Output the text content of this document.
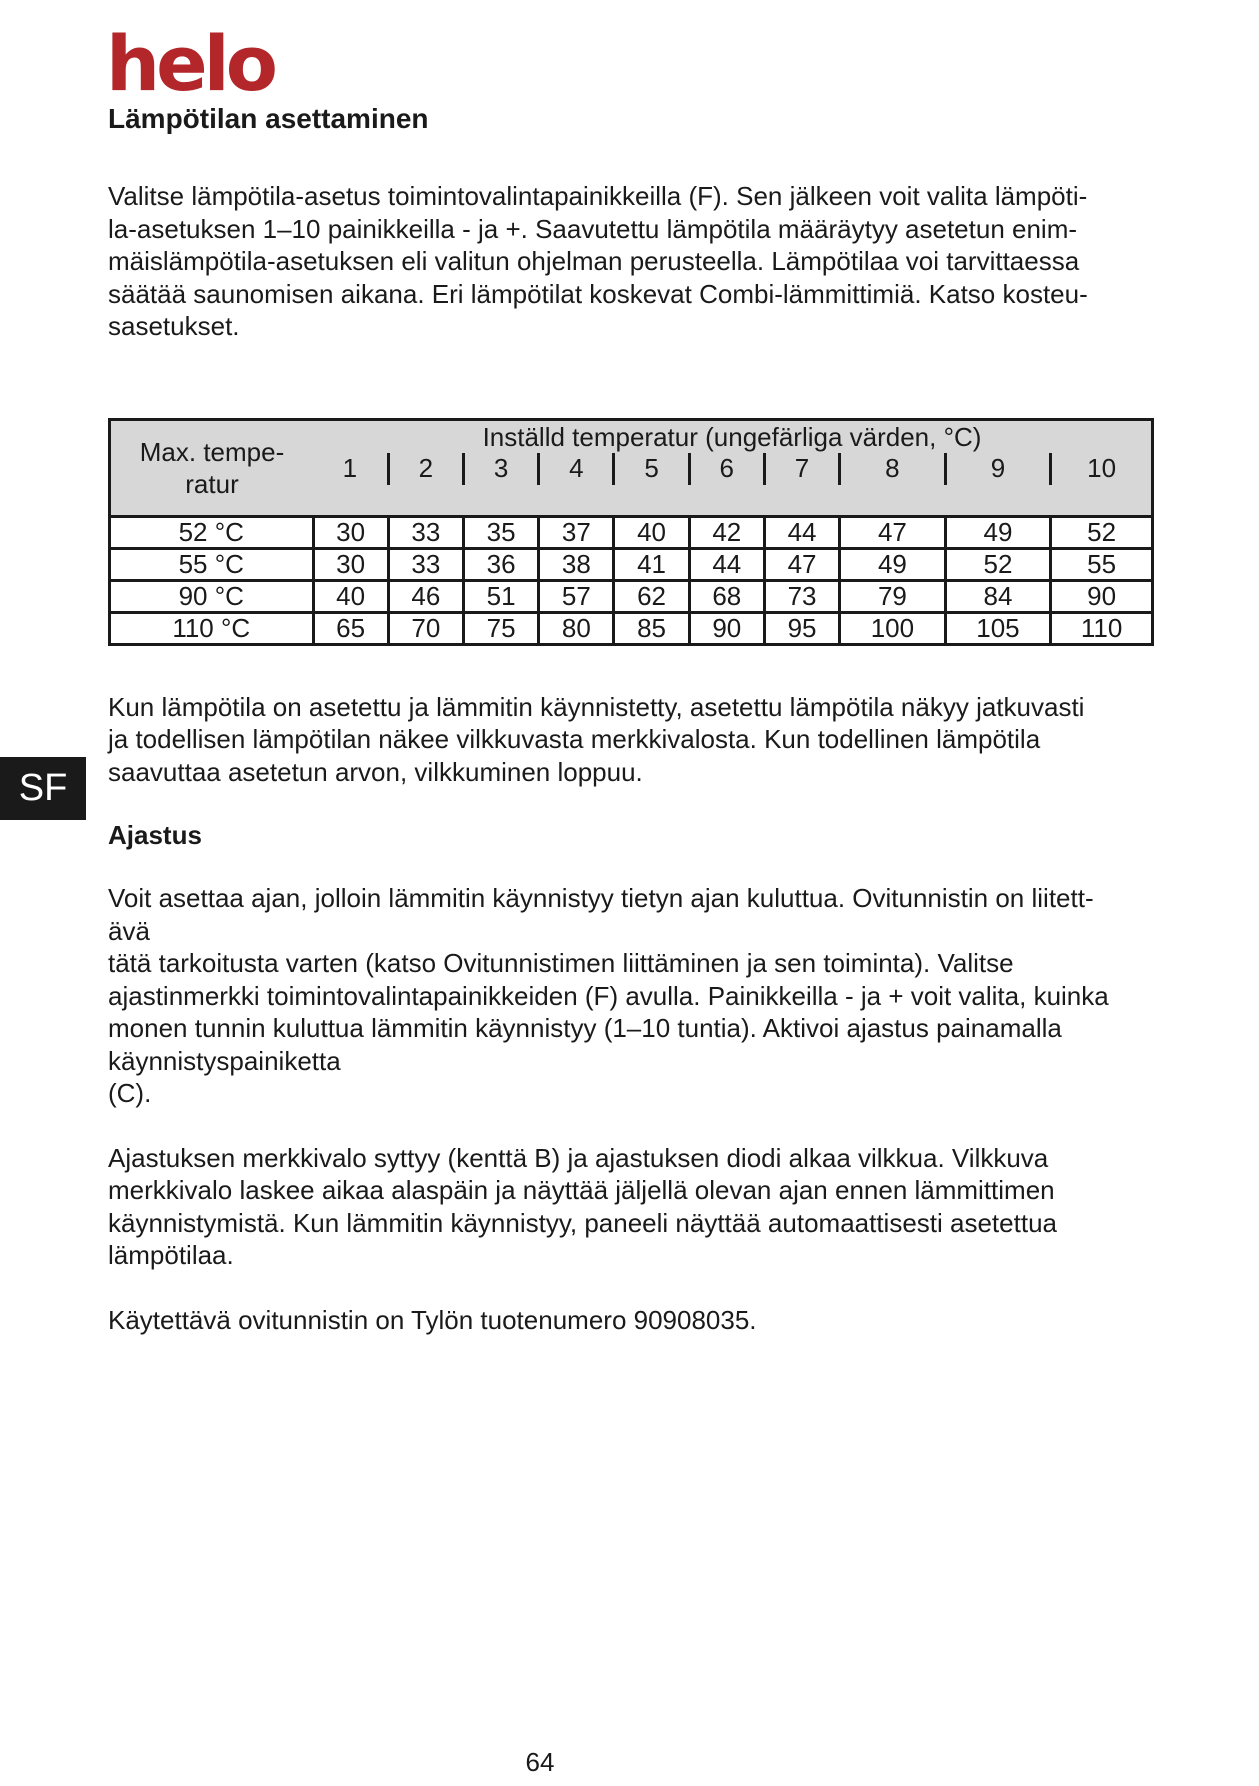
helo
SF
Lämpötilan asettaminen

Valitse lämpötila-asetus toimintovalintapainikkeilla (F). Sen jälkeen voit valita lämpöti-
la-asetuksen 1–10 painikkeilla - ja +. Saavutettu lämpötila määräytyy asetetun enim-
mäislämpötila-asetuksen eli valitun ohjelman perusteella. Lämpötilaa voi tarvittaessa
säätää saunomisen aikana. Eri lämpötilat koskevat Combi-lämmittimiä. Katso kosteu-
sasetukset.

Max. tempe-
ratur	Inställd temperatur (ungefärliga värden, °C)									
	1	2	3	4	5	6	7	8	9	10

52 °C	30	33	35	37	40	42	44	47	49	52
55 °C	30	33	36	38	41	44	47	49	52	55
90 °C	40	46	51	57	62	68	73	79	84	90
110 °C	65	70	75	80	85	90	95	100	105	110

Kun lämpötila on asetettu ja lämmitin käynnistetty, asetettu lämpötila näkyy jatkuvasti
ja todellisen lämpötilan näkee vilkkuvasta merkkivalosta. Kun todellinen lämpötila
saavuttaa asetetun arvon, vilkkuminen loppuu.

Ajastus

Voit asettaa ajan, jolloin lämmitin käynnistyy tietyn ajan kuluttua. Ovitunnistin on liitett-
ävä
tätä tarkoitusta varten (katso Ovitunnistimen liittäminen ja sen toiminta). Valitse
ajastinmerkki toimintovalintapainikkeiden (F) avulla. Painikkeilla - ja + voit valita, kuinka
monen tunnin kuluttua lämmitin käynnistyy (1–10 tuntia). Aktivoi ajastus painamalla
käynnistyspainiketta
(C).

Ajastuksen merkkivalo syttyy (kenttä B) ja ajastuksen diodi alkaa vilkkua. Vilkkuva
merkkivalo laskee aikaa alaspäin ja näyttää jäljellä olevan ajan ennen lämmittimen
käynnistymistä. Kun lämmitin käynnistyy, paneeli näyttää automaattisesti asetettua
lämpötilaa.

Käytettävä ovitunnistin on Tylön tuotenumero 90908035.

64
